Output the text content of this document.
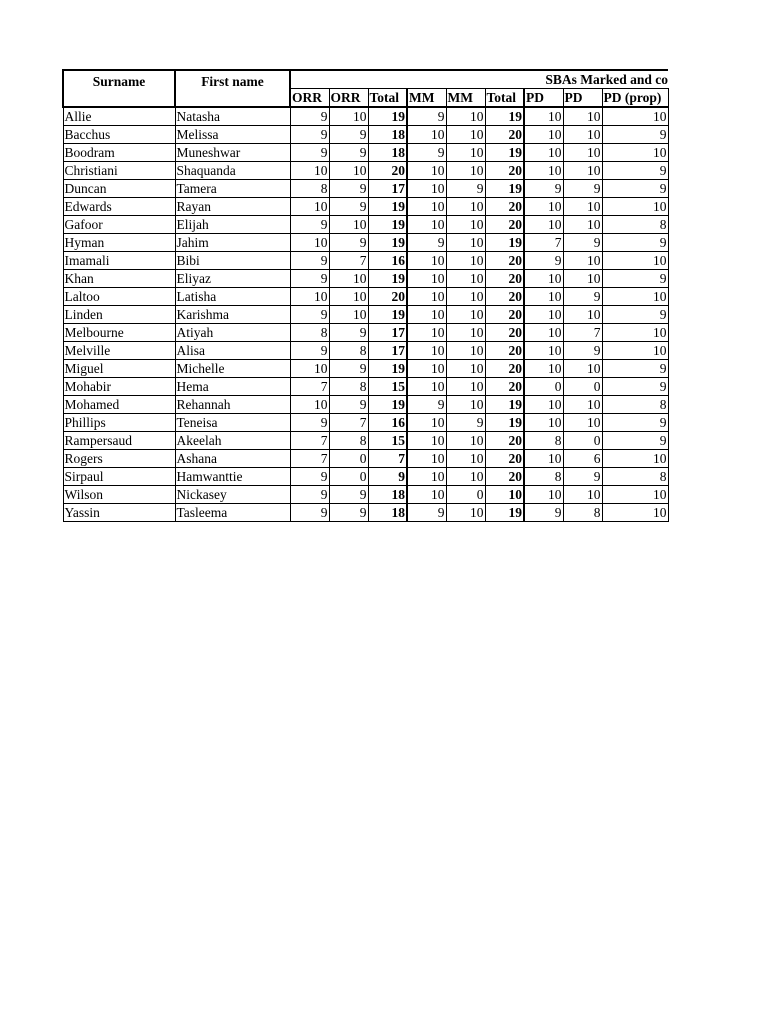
Surname	First name	SBAs Marked and co								
		ORR	ORR	Total	MM	MM	Total	PD	PD	PD (prop)
Allie	Natasha	9	10	19	9	10	19	10	10	10
Bacchus	Melissa	9	9	18	10	10	20	10	10	9
Boodram	Muneshwar	9	9	18	9	10	19	10	10	10
Christiani	Shaquanda	10	10	20	10	10	20	10	10	9
Duncan	Tamera	8	9	17	10	9	19	9	9	9
Edwards	Rayan	10	9	19	10	10	20	10	10	10
Gafoor	Elijah	9	10	19	10	10	20	10	10	8
Hyman	Jahim	10	9	19	9	10	19	7	9	9
Imamali	Bibi	9	7	16	10	10	20	9	10	10
Khan	Eliyaz	9	10	19	10	10	20	10	10	9
Laltoo	Latisha	10	10	20	10	10	20	10	9	10
Linden	Karishma	9	10	19	10	10	20	10	10	9
Melbourne	Atiyah	8	9	17	10	10	20	10	7	10
Melville	Alisa	9	8	17	10	10	20	10	9	10
Miguel	Michelle	10	9	19	10	10	20	10	10	9
Mohabir	Hema	7	8	15	10	10	20	0	0	9
Mohamed	Rehannah	10	9	19	9	10	19	10	10	8
Phillips	Teneisa	9	7	16	10	9	19	10	10	9
Rampersaud	Akeelah	7	8	15	10	10	20	8	0	9
Rogers	Ashana	7	0	7	10	10	20	10	6	10
Sirpaul	Hamwanttie	9	0	9	10	10	20	8	9	8
Wilson	Nickasey	9	9	18	10	0	10	10	10	10
Yassin	Tasleema	9	9	18	9	10	19	9	8	10
